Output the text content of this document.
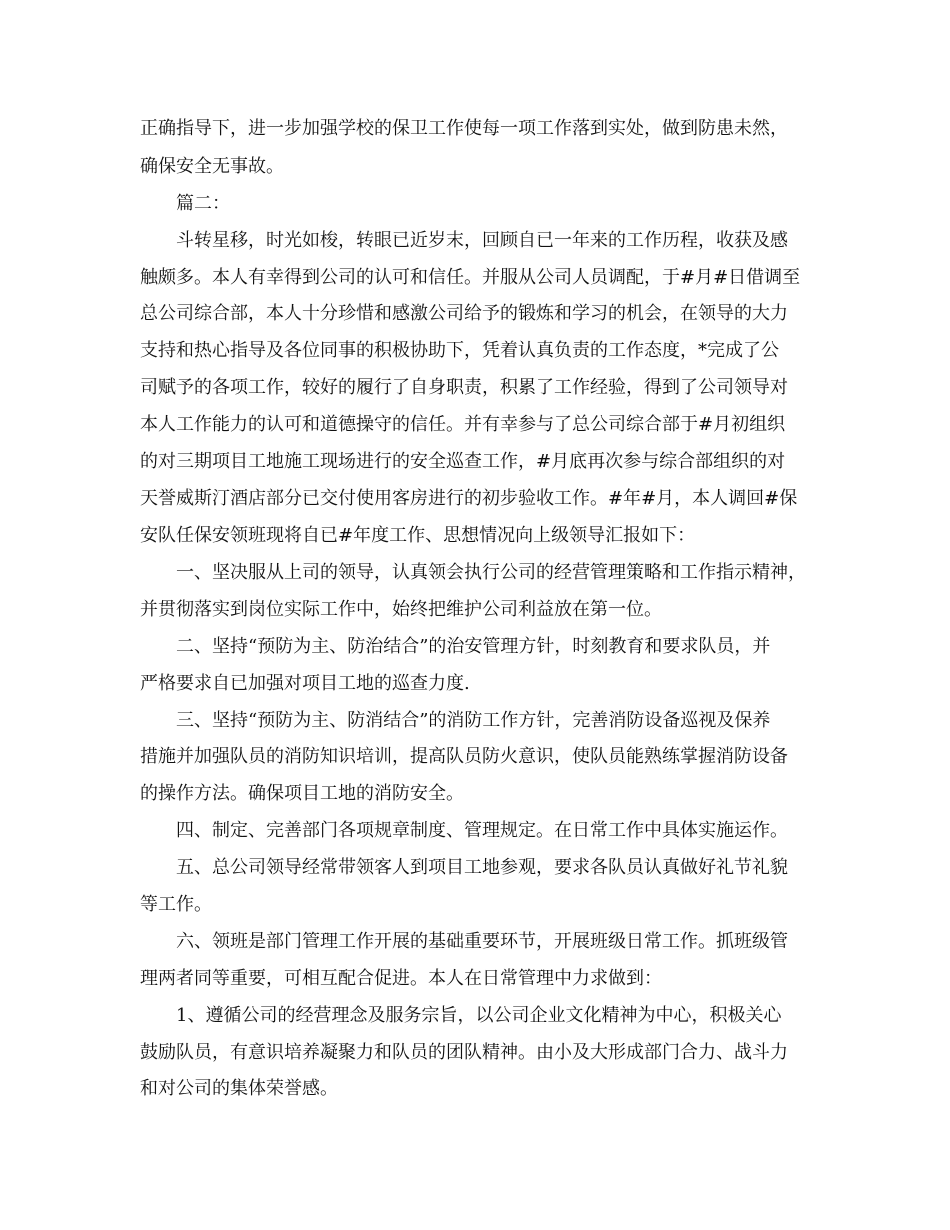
正确指导下，进一步加强学校的保卫工作使每一项工作落到实处，做到防患未然，
确保安全无事故。
篇二：
斗转星移，时光如梭，转眼已近岁末，回顾自已一年来的工作历程，收获及感
触颇多。本人有幸得到公司的认可和信任。并服从公司人员调配，于#月#日借调至
总公司综合部，本人十分珍惜和感激公司给予的锻炼和学习的机会，在领导的大力
支持和热心指导及各位同事的积极协助下，凭着认真负责的工作态度，*完成了公
司赋予的各项工作，较好的履行了自身职责，积累了工作经验，得到了公司领导对
本人工作能力的认可和道德操守的信任。并有幸参与了总公司综合部于#月初组织
的对三期项目工地施工现场进行的安全巡查工作，#月底再次参与综合部组织的对
天誉威斯汀酒店部分已交付使用客房进行的初步验收工作。#年#月，本人调回#保
安队任保安领班现将自已#年度工作、思想情况向上级领导汇报如下：
一、坚决服从上司的领导，认真领会执行公司的经营管理策略和工作指示精神，
并贯彻落实到岗位实际工作中，始终把维护公司利益放在第一位。
二、坚持“预防为主、防治结合”的治安管理方针，时刻教育和要求队员，并
严格要求自已加强对项目工地的巡查力度.
三、坚持“预防为主、防消结合”的消防工作方针，完善消防设备巡视及保养
措施并加强队员的消防知识培训，提高队员防火意识，使队员能熟练掌握消防设备
的操作方法。确保项目工地的消防安全。
四、制定、完善部门各项规章制度、管理规定。在日常工作中具体实施运作。
五、总公司领导经常带领客人到项目工地参观，要求各队员认真做好礼节礼貌
等工作。
六、领班是部门管理工作开展的基础重要环节，开展班级日常工作。抓班级管
理两者同等重要，可相互配合促进。本人在日常管理中力求做到：
1、遵循公司的经营理念及服务宗旨，以公司企业文化精神为中心，积极关心
鼓励队员，有意识培养凝聚力和队员的团队精神。由小及大形成部门合力、战斗力
和对公司的集体荣誉感。
